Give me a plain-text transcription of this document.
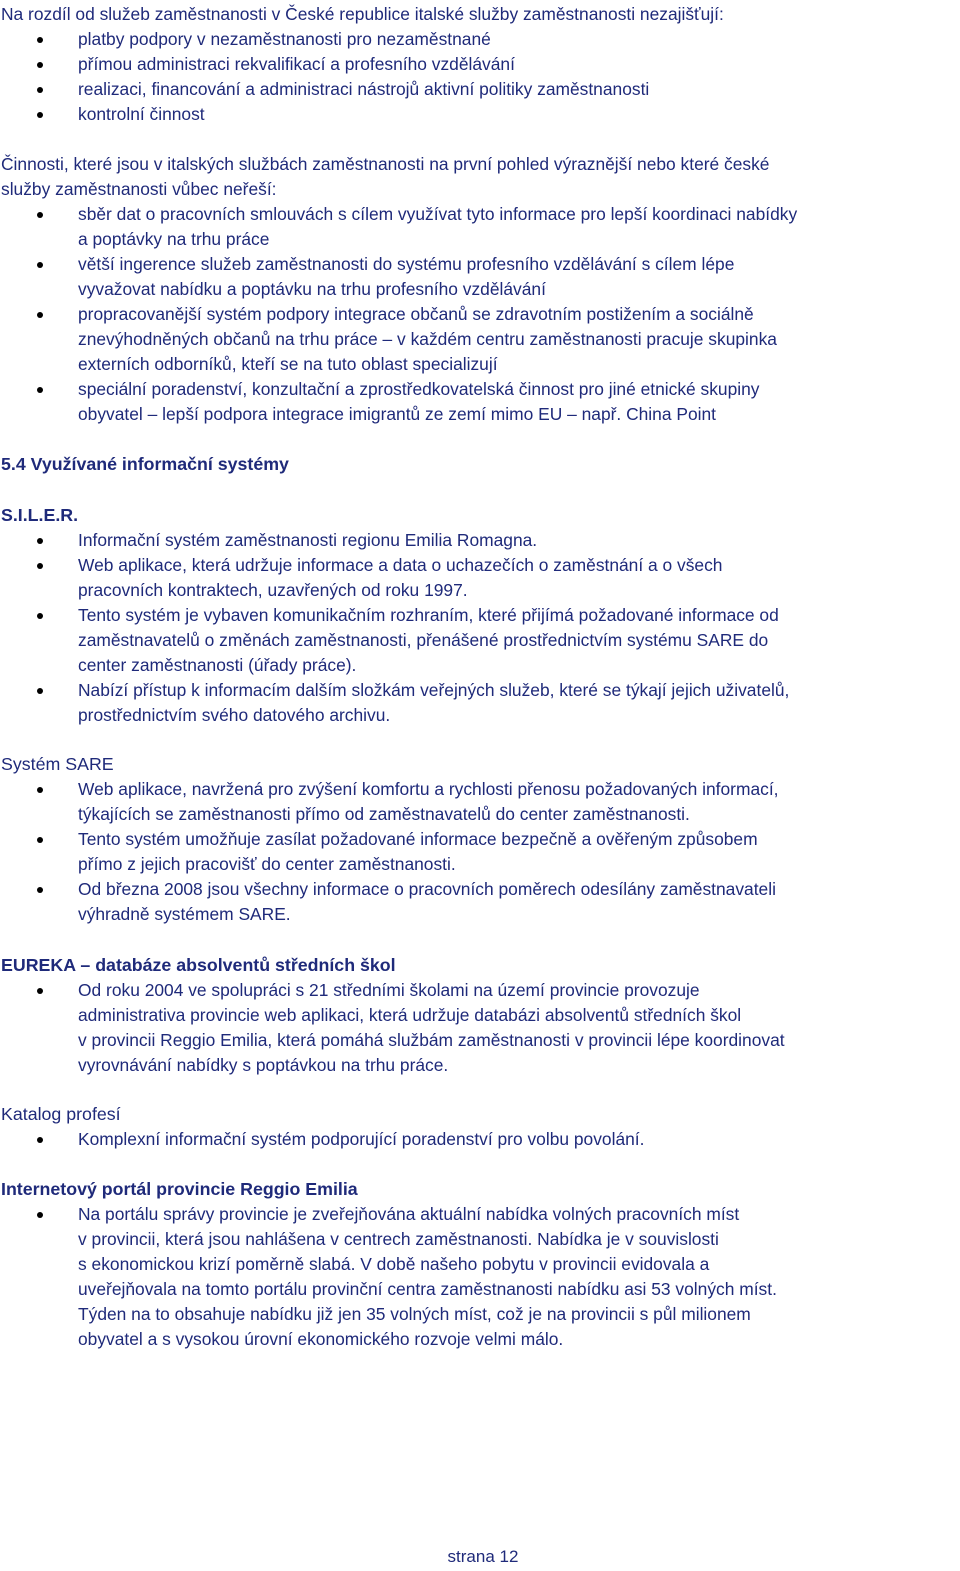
Na rozdíl od služeb zaměstnanosti v České republice italské služby zaměstnanosti nezajišťují:

platby podpory v nezaměstnanosti pro nezaměstnané
přímou administraci rekvalifikací a profesního vzdělávání
realizaci, financování a administraci nástrojů aktivní politiky zaměstnanosti
kontrolní činnost

Činnosti, které jsou v italských službách zaměstnanosti na první pohled výraznější nebo které české
služby zaměstnanosti vůbec neřeší:

sběr dat o pracovních smlouvách s cílem využívat tyto informace pro lepší koordinaci nabídky
a poptávky na trhu práce
větší ingerence služeb zaměstnanosti do systému profesního vzdělávání s cílem lépe
vyvažovat nabídku a poptávku na trhu profesního vzdělávání
propracovanější systém podpory integrace občanů se zdravotním postižením a sociálně
znevýhodněných občanů na trhu práce – v každém centru zaměstnanosti pracuje skupinka
externích odborníků, kteří se na tuto oblast specializují
speciální poradenství, konzultační a zprostředkovatelská činnost pro jiné etnické skupiny
obyvatel – lepší podpora integrace imigrantů ze zemí mimo EU – např. China Point
5.4 Využívané informační systémy
S.I.L.E.R.
Informační systém zaměstnanosti regionu Emilia Romagna.
Web aplikace, která udržuje informace a data o uchazečích o zaměstnání a o všech
pracovních kontraktech, uzavřených od roku 1997.
Tento systém je vybaven komunikačním rozhraním, které přijímá požadované informace od
zaměstnavatelů o změnách zaměstnanosti, přenášené prostřednictvím systému SARE do
center zaměstnanosti (úřady práce).
Nabízí přístup k informacím dalším složkám veřejných služeb, které se týkají jejich uživatelů,
prostřednictvím svého datového archivu.
Systém SARE
Web aplikace, navržená pro zvýšení komfortu a rychlosti přenosu požadovaných informací,
týkajících se zaměstnanosti přímo od zaměstnavatelů do center zaměstnanosti.
Tento systém umožňuje zasílat požadované informace bezpečně a ověřeným způsobem
přímo z jejich pracovišť do center zaměstnanosti.
Od března 2008 jsou všechny informace o pracovních poměrech odesílány zaměstnavateli
výhradně systémem SARE.
EUREKA – databáze absolventů středních škol
Od roku 2004 ve spolupráci s 21 středními školami na území provincie provozuje
administrativa provincie web aplikaci, která udržuje databázi absolventů středních škol
v provincii Reggio Emilia, která pomáhá službám zaměstnanosti v provincii lépe koordinovat
vyrovnávání nabídky s poptávkou na trhu práce.
Katalog profesí
Komplexní informační systém podporující poradenství pro volbu povolání.
Internetový portál provincie Reggio Emilia
Na portálu správy provincie je zveřejňována aktuální nabídka volných pracovních míst
v provincii, která jsou nahlášena v centrech zaměstnanosti. Nabídka je v souvislosti
s ekonomickou krizí poměrně slabá. V době našeho pobytu v provincii evidovala a
uveřejňovala na tomto portálu provinční centra zaměstnanosti nabídku asi 53 volných míst.
Týden na to obsahuje nabídku již jen 35 volných míst, což je na provincii s půl milionem
obyvatel a s vysokou úrovní ekonomického rozvoje velmi málo.
strana 12
